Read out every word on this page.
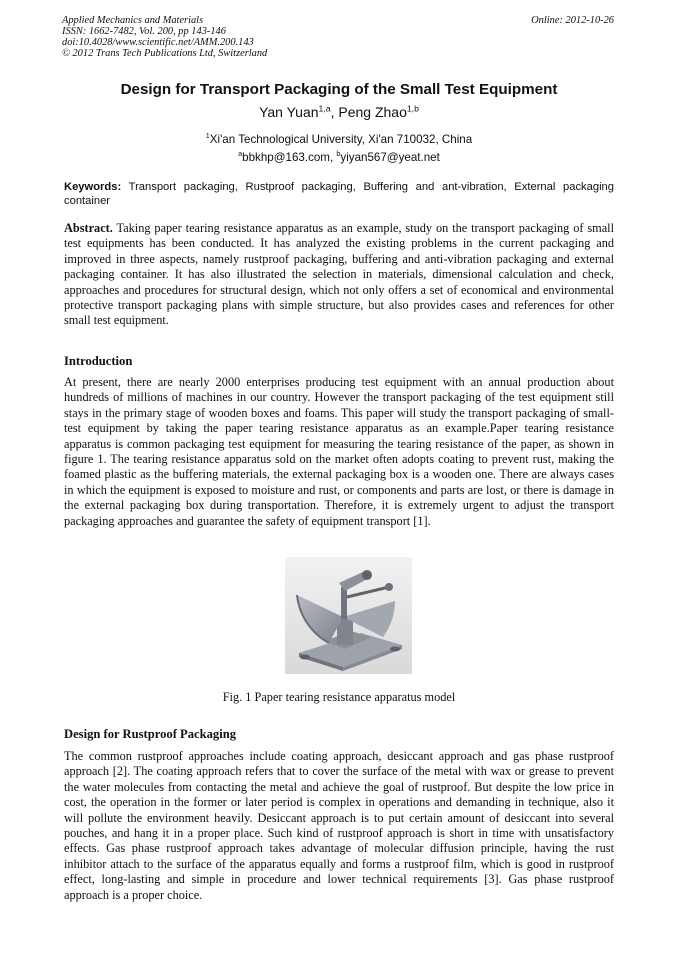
Applied Mechanics and Materials
ISSN: 1662-7482, Vol. 200, pp 143-146
doi:10.4028/www.scientific.net/AMM.200.143
© 2012 Trans Tech Publications Ltd, Switzerland
Online: 2012-10-26
Design for Transport Packaging of the Small Test Equipment
Yan Yuan$^{1,a}$, Peng Zhao$^{1,b}$
$^1$Xi'an Technological University, Xi'an 710032, China
$^a$bbkhp@163.com, $^b$yiyan567@yeat.net
Keywords: Transport packaging, Rustproof packaging, Buffering and ant-vibration, External packaging container

Abstract. Taking paper tearing resistance apparatus as an example, study on the transport packaging of small test equipments has been conducted. It has analyzed the existing problems in the current packaging and improved in three aspects, namely rustproof packaging, buffering and anti-vibration packaging and external packaging container. It has also illustrated the selection in materials, dimensional calculation and check, approaches and procedures for structural design, which not only offers a set of economical and environmental protective transport packaging plans with simple structure, but also provides cases and references for other small test equipment.

Introduction

At present, there are nearly 2000 enterprises producing test equipment with an annual production about hundreds of millions of machines in our country. However the transport packaging of the test equipment still stays in the primary stage of wooden boxes and foams. This paper will study the transport packaging of small-test equipment by taking the paper tearing resistance apparatus as an example.Paper tearing resistance apparatus is common packaging test equipment for measuring the tearing resistance of the paper, as shown in figure 1. The tearing resistance apparatus sold on the market often adopts coating to prevent rust, making the foamed plastic as the buffering materials, the external packaging box is a wooden one. There are always cases in which the equipment is exposed to moisture and rust, or components and parts are lost, or there is damage in the external packaging box during transportation. Therefore, it is extremely urgent to adjust the transport packaging approaches and guarantee the safety of equipment transport [1].

Fig. 1 Paper tearing resistance apparatus model
Design for Rustproof Packaging

The common rustproof approaches include coating approach, desiccant approach and gas phase rustproof approach [2]. The coating approach refers that to cover the surface of the metal with wax or grease to prevent the water molecules from contacting the metal and achieve the goal of rustproof. But despite the low price in cost, the operation in the former or later period is complex in operations and demanding in technique, also it will pollute the environment heavily. Desiccant approach is to put certain amount of desiccant into several pouches, and hang it in a proper place. Such kind of rustproof approach is short in time with unsatisfactory effects. Gas phase rustproof approach takes advantage of molecular diffusion principle, having the rust inhibitor attach to the surface of the apparatus equally and forms a rustproof film, which is good in rustproof effect, long-lasting and simple in procedure and lower technical requirements [3]. Gas phase rustproof approach is a proper choice.
